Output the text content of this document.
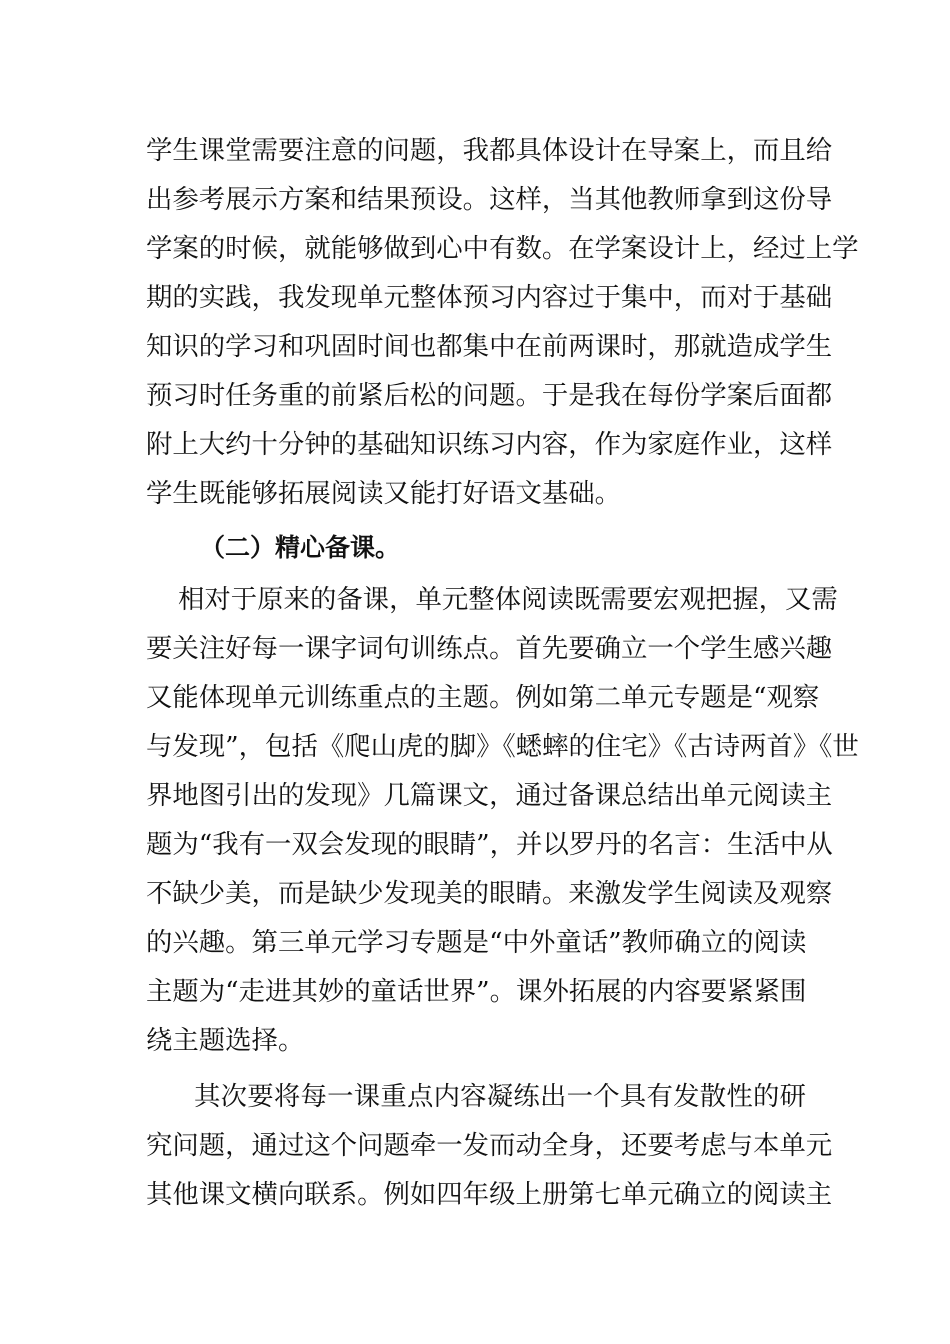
学生课堂需要注意的问题，我都具体设计在导案上，而且给
出参考展示方案和结果预设。这样，当其他教师拿到这份导
学案的时候，就能够做到心中有数。在学案设计上，经过上学
期的实践，我发现单元整体预习内容过于集中，而对于基础
知识的学习和巩固时间也都集中在前两课时，那就造成学生
预习时任务重的前紧后松的问题。于是我在每份学案后面都
附上大约十分钟的基础知识练习内容，作为家庭作业，这样
学生既能够拓展阅读又能打好语文基础。
（二）精心备课。
相对于原来的备课，单元整体阅读既需要宏观把握，又需
要关注好每一课字词句训练点。首先要确立一个学生感兴趣
又能体现单元训练重点的主题。例如第二单元专题是“观察
与发现”，包括《爬山虎的脚》《蟋蟀的住宅》《古诗两首》《世
界地图引出的发现》几篇课文，通过备课总结出单元阅读主
题为“我有一双会发现的眼睛”，并以罗丹的名言：生活中从
不缺少美，而是缺少发现美的眼睛。来激发学生阅读及观察
的兴趣。第三单元学习专题是“中外童话”教师确立的阅读
主题为“走进其妙的童话世界”。课外拓展的内容要紧紧围
绕主题选择。
其次要将每一课重点内容凝练出一个具有发散性的研
究问题，通过这个问题牵一发而动全身，还要考虑与本单元
其他课文横向联系。例如四年级上册第七单元确立的阅读主
